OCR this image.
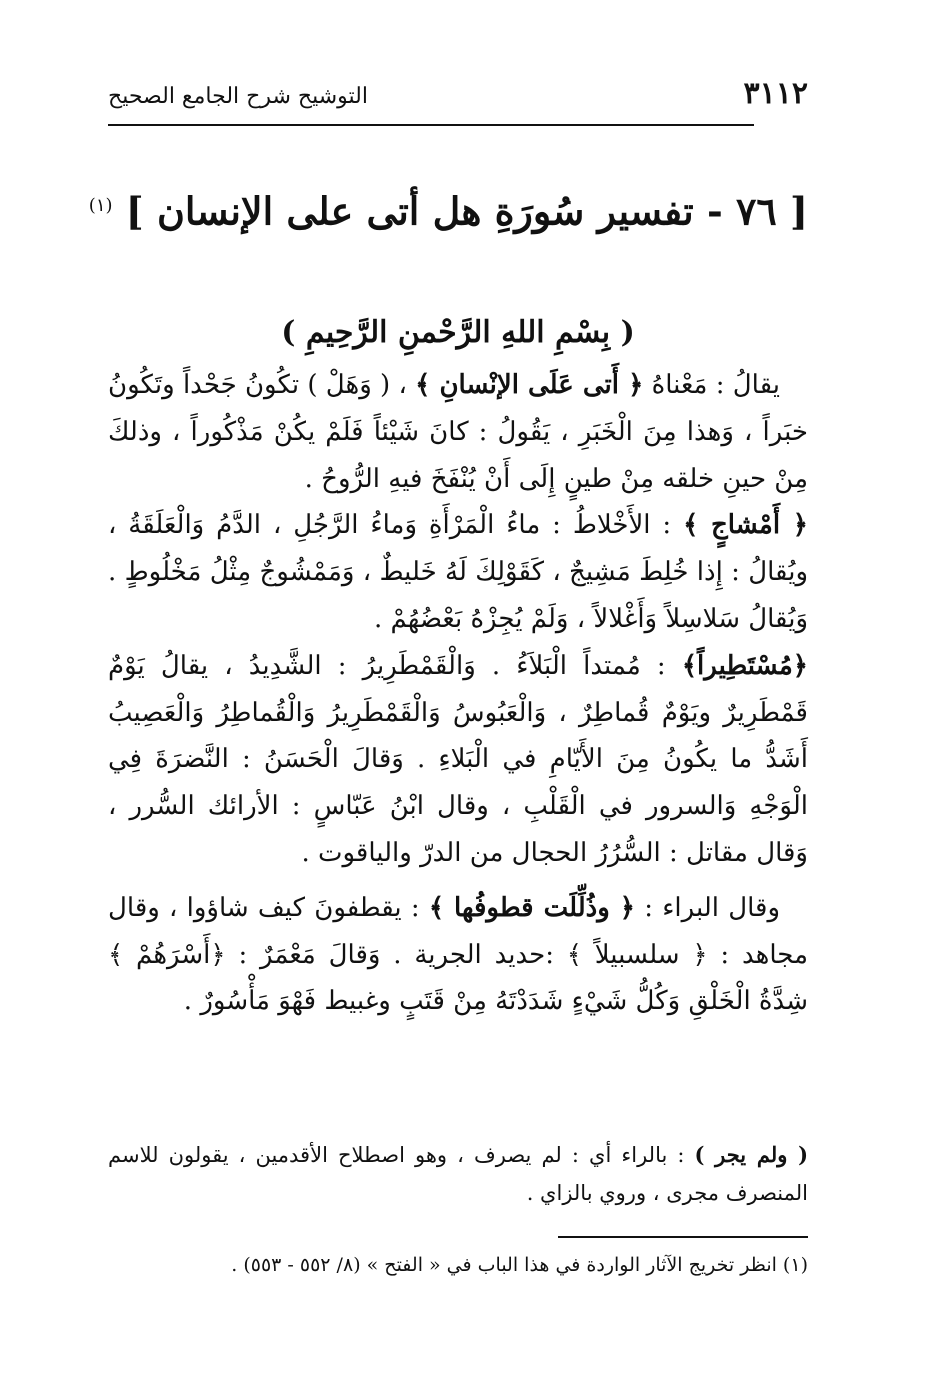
٣١١٢
التوشيح شرح الجامع الصحيح
[ ٧٦ - تفسير سُورَةِ هل أتى على الإنسان ] $^{(١)}$
( بِسْمِ اللهِ الرَّحْمنِ الرَّحِيمِ )

يقالُ : مَعْناهُ ﴿ أَتى عَلَى الإنْسانِ ﴾ ، ( وَهَلْ ) تكُونُ جَحْداً وتَكُونُ خبَراً ، وَهذا مِنَ الْخَبَرِ ، يَقُولُ : كانَ شَيْئاً فَلَمْ يكُنْ مَذْكُوراً ، وذلكَ مِنْ حينِ خلقه مِنْ طينٍ إِلَى أَنْ يُنْفَخَ فيهِ الرُّوحُ .

﴿ أَمْشاجٍ ﴾ : الأَخْلاطُ : ماءُ الْمَرْأَةِ وَماءُ الرَّجُلِ ، الدَّمُ وَالْعَلَقَةُ ، ويُقالُ : إِذا خُلِطَ مَشِيجٌ ، كَقَوْلِكَ لَهُ خَليطٌ ، وَمَمْشُوجٌ مِثْلُ مَخْلُوطٍ . وَيُقالُ سَلاسِلاً وَأَغْلالاً ، وَلَمْ يُجِزْهُ بَعْضُهُمْ .

﴿مُسْتَطِيراً﴾ : مُمتداً الْبَلاَءُ . وَالْقَمْطَرِيرُ : الشَّدِيدُ ، يقالُ يَوْمٌ قَمْطَرِيرٌ ويَوْمٌ قُماطِرٌ ، وَالْعَبُوسُ وَالْقَمْطَرِيرُ وَالْقُماطِرُ وَالْعَصِيبُ أَشَدُّ ما يكُونُ مِنَ الأَيّامِ في الْبَلاءِ . وَقالَ الْحَسَنُ : النَّضرَةَ فِي الْوَجْهِ وَالسرور في الْقَلْبِ ، وقال ابْنُ عَبّاسٍ : الأرائك السُّرر ، وَقال مقاتل : السُّرُرُ الحجال من الدرّ والياقوت .

وقال البراء : ﴿ وذُلِّلَت قطوفُها ﴾ : يقطفونَ كيف شاؤوا ، وقال مجاهد : ﴿ سلسبيلاً ﴾ :حديد الجرية . وَقالَ مَعْمَرٌ : ﴿أَسْرَهُمْ ﴾ شِدَّةُ الْخَلْقِ وَكُلُّ شَيْءٍ شَدَدْتَهُ مِنْ قَتَبٍ وغبيط فَهْوَ مَأْسُورٌ .

( ولم يجر ) : بالراء أي : لم يصرف ، وهو اصطلاح الأقدمين ، يقولون للاسم المنصرف مجرى ، وروي بالزاي .
(١) انظر تخريج الآثار الواردة في هذا الباب في « الفتح » (٨/ ٥٥٢ - ٥٥٣) .
